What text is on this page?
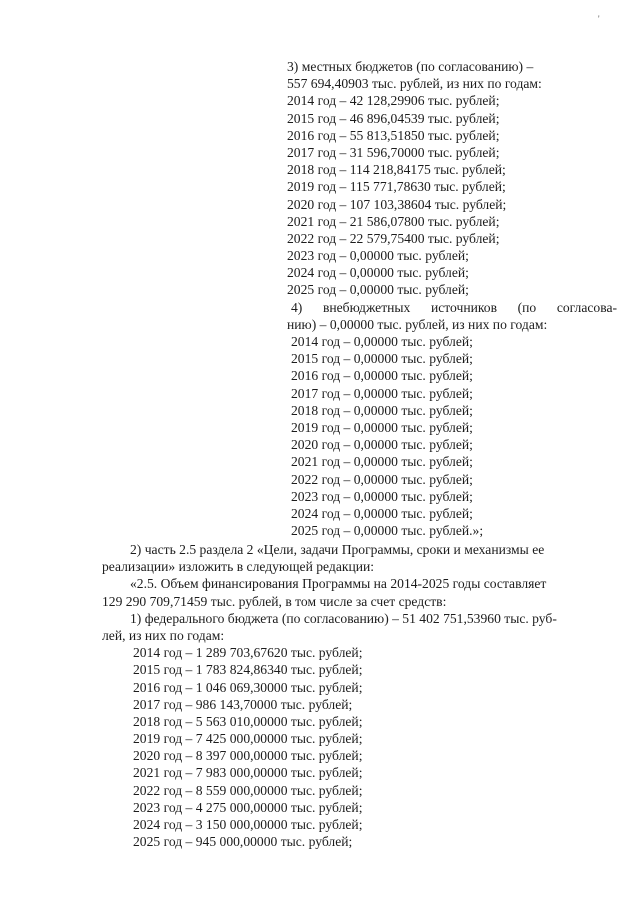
'
3) местных бюджетов (по согласованию) –
557 694,40903 тыс. рублей, из них по годам:
2014 год – 42 128,29906 тыс. рублей;
2015 год – 46 896,04539 тыс. рублей;
2016 год – 55 813,51850 тыс. рублей;
2017 год – 31 596,70000 тыс. рублей;
2018 год – 114 218,84175 тыс. рублей;
2019 год – 115 771,78630 тыс. рублей;
2020 год – 107 103,38604 тыс. рублей;
2021 год – 21 586,07800 тыс. рублей;
2022 год – 22 579,75400 тыс. рублей;
2023 год – 0,00000 тыс. рублей;
2024 год – 0,00000 тыс. рублей;
2025 год – 0,00000 тыс. рублей;
4) внебюджетных источников (по согласова-
нию) – 0,00000 тыс. рублей, из них по годам:
2014 год – 0,00000 тыс. рублей;
2015 год – 0,00000 тыс. рублей;
2016 год – 0,00000 тыс. рублей;
2017 год – 0,00000 тыс. рублей;
2018 год – 0,00000 тыс. рублей;
2019 год – 0,00000 тыс. рублей;
2020 год – 0,00000 тыс. рублей;
2021 год – 0,00000 тыс. рублей;
2022 год – 0,00000 тыс. рублей;
2023 год – 0,00000 тыс. рублей;
2024 год – 0,00000 тыс. рублей;
2025 год – 0,00000 тыс. рублей.»;
2) часть 2.5 раздела 2 «Цели, задачи Программы, сроки и механизмы ее
реализации» изложить в следующей редакции:
«2.5. Объем финансирования Программы на 2014-2025 годы составляет
129 290 709,71459 тыс. рублей, в том числе за счет средств:
1) федерального бюджета (по согласованию) – 51 402 751,53960 тыс. руб-
лей, из них по годам:
2014 год – 1 289 703,67620 тыс. рублей;
2015 год – 1 783 824,86340 тыс. рублей;
2016 год – 1 046 069,30000 тыс. рублей;
2017 год – 986 143,70000 тыс. рублей;
2018 год – 5 563 010,00000 тыс. рублей;
2019 год – 7 425 000,00000 тыс. рублей;
2020 год – 8 397 000,00000 тыс. рублей;
2021 год – 7 983 000,00000 тыс. рублей;
2022 год – 8 559 000,00000 тыс. рублей;
2023 год – 4 275 000,00000 тыс. рублей;
2024 год – 3 150 000,00000 тыс. рублей;
2025 год – 945 000,00000 тыс. рублей;
